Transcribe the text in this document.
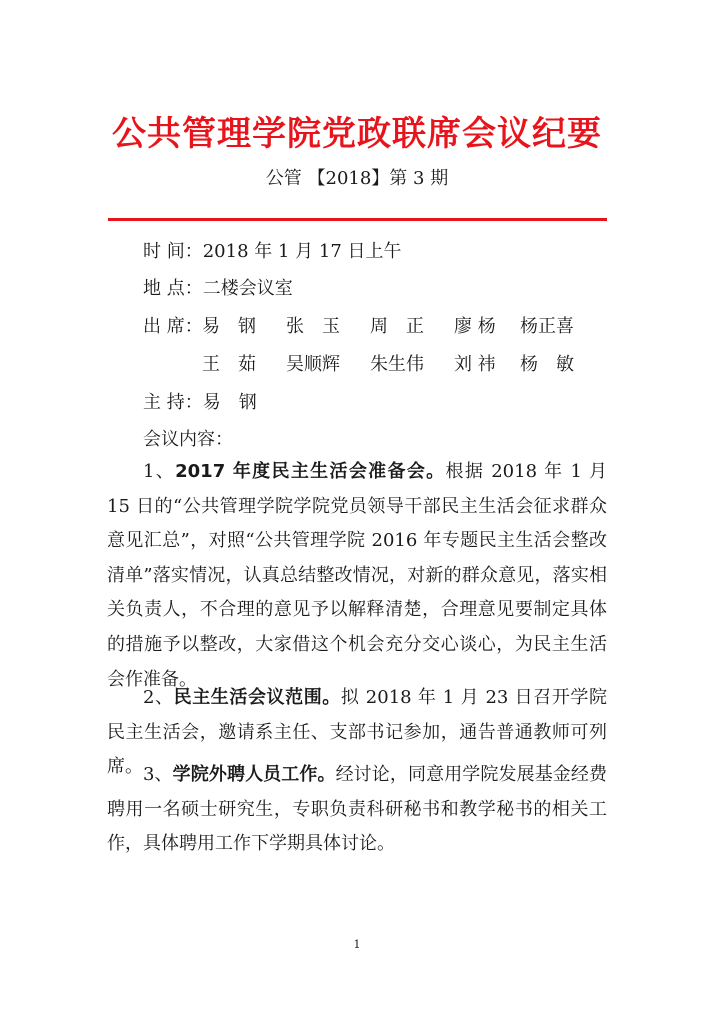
公共管理学院党政联席会议纪要
公管 【2018】第 3 期
时 间：2018 年 1 月 17 日上午
地 点：二楼会议室
出 席： 易　钢 张　玉 周　正 廖 杨 杨正喜
王　茹 吴顺辉 朱生伟 刘 祎 杨　敏
主 持：易　钢
会议内容：
1、2017 年度民主生活会准备会。根据 2018 年 1 月 15 日的“公共管理学院学院党员领导干部民主生活会征求群众意见汇总”，对照“公共管理学院 2016 年专题民主生活会整改清单”落实情况，认真总结整改情况，对新的群众意见，落实相关负责人，不合理的意见予以解释清楚，合理意见要制定具体的措施予以整改，大家借这个机会充分交心谈心，为民主生活会作准备。
2、民主生活会议范围。拟 2018 年 1 月 23 日召开学院民主生活会，邀请系主任、支部书记参加，通告普通教师可列席。 3、学院外聘人员工作。经讨论，同意用学院发展基金经费聘用一名硕士研究生，专职负责科研秘书和教学秘书的相关工作，具体聘用工作下学期具体讨论。
1
